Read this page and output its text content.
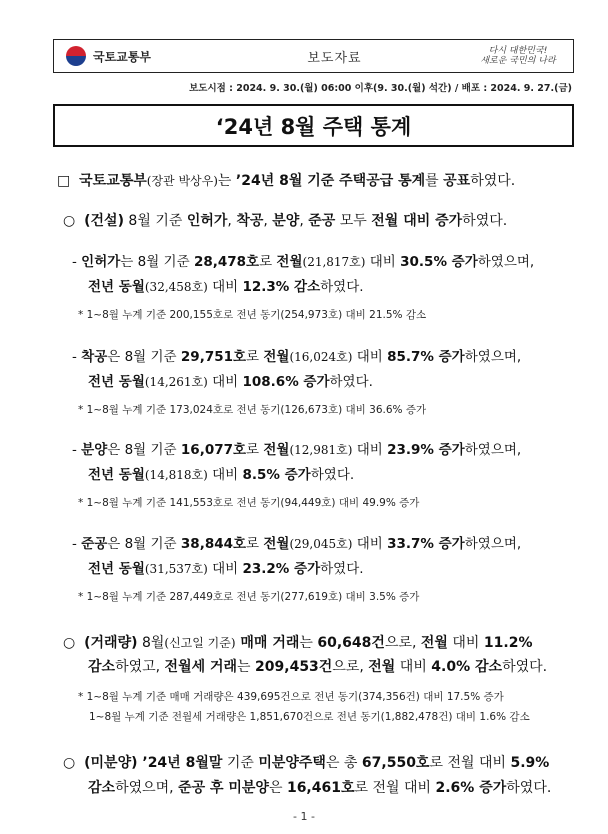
국토교통부	보도자료	다시 대한민국!
새로운 국민의 나라
보도시점 : 2024. 9. 30.(월) 06:00 이후(9. 30.(월) 석간) / 배포 : 2024. 9. 27.(금)
‘24년 8월 주택 통계
□ 국토교통부(장관 박상우)는 ’24년 8월 기준 주택공급 통계를 공표하였다.
○ (건설) 8월 기준 인허가, 착공, 분양, 준공 모두 전월 대비 증가하였다.
- 인허가는 8월 기준 28,478호로 전월(21,817호) 대비 30.5% 증가하였으며,
전년 동월(32,458호) 대비 12.3% 감소하였다.
* 1~8월 누계 기준 200,155호로 전년 동기(254,973호) 대비 21.5% 감소
- 착공은 8월 기준 29,751호로 전월(16,024호) 대비 85.7% 증가하였으며,
전년 동월(14,261호) 대비 108.6% 증가하였다.
* 1~8월 누계 기준 173,024호로 전년 동기(126,673호) 대비 36.6% 증가
- 분양은 8월 기준 16,077호로 전월(12,981호) 대비 23.9% 증가하였으며,
전년 동월(14,818호) 대비 8.5% 증가하였다.
* 1~8월 누계 기준 141,553호로 전년 동기(94,449호) 대비 49.9% 증가
- 준공은 8월 기준 38,844호로 전월(29,045호) 대비 33.7% 증가하였으며,
전년 동월(31,537호) 대비 23.2% 증가하였다.
* 1~8월 누계 기준 287,449호로 전년 동기(277,619호) 대비 3.5% 증가
○ (거래량) 8월(신고일 기준) 매매 거래는 60,648건으로, 전월 대비 11.2%
감소하였고, 전월세 거래는 209,453건으로, 전월 대비 4.0% 감소하였다.
* 1~8월 누계 기준 매매 거래량은 439,695건으로 전년 동기(374,356건) 대비 17.5% 증가
1~8월 누계 기준 전월세 거래량은 1,851,670건으로 전년 동기(1,882,478건) 대비 1.6% 감소
○ (미분양) ’24년 8월말 기준 미분양주택은 총 67,550호로 전월 대비 5.9%
감소하였으며, 준공 후 미분양은 16,461호로 전월 대비 2.6% 증가하였다.
- 1 -
